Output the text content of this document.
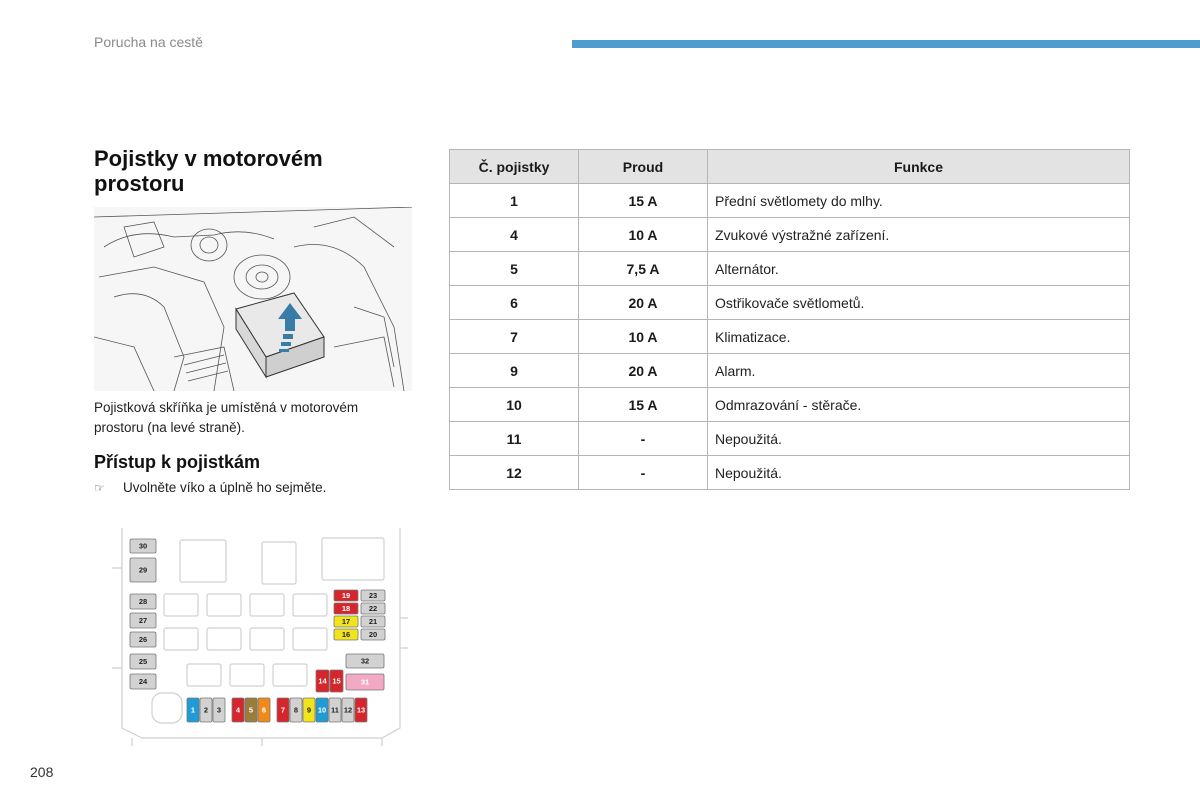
Porucha na cestě
Pojistky v motorovém
prostoru
Pojistková skříňka je umístěná v motorovém
prostoru (na levé straně).
Přístup k pojistkám
☞	Uvolněte víko a úplně ho sejměte.
30
29
28
27
26
25
24
19 23
18 22
17 21
16 20
32
14 15	31
1 2 3 4 5 6 7 8 9 10 11 12 13
208
Č. pojistky	Proud	Funkce
1	15 A	Přední světlomety do mlhy.
4	10 A	Zvukové výstražné zařízení.
5	7,5 A	Alternátor.
6	20 A	Ostřikovače světlometů.
7	10 A	Klimatizace.
9	20 A	Alarm.
10	15 A	Odmrazování - stěrače.
11	-	Nepoužitá.
12	-	Nepoužitá.
